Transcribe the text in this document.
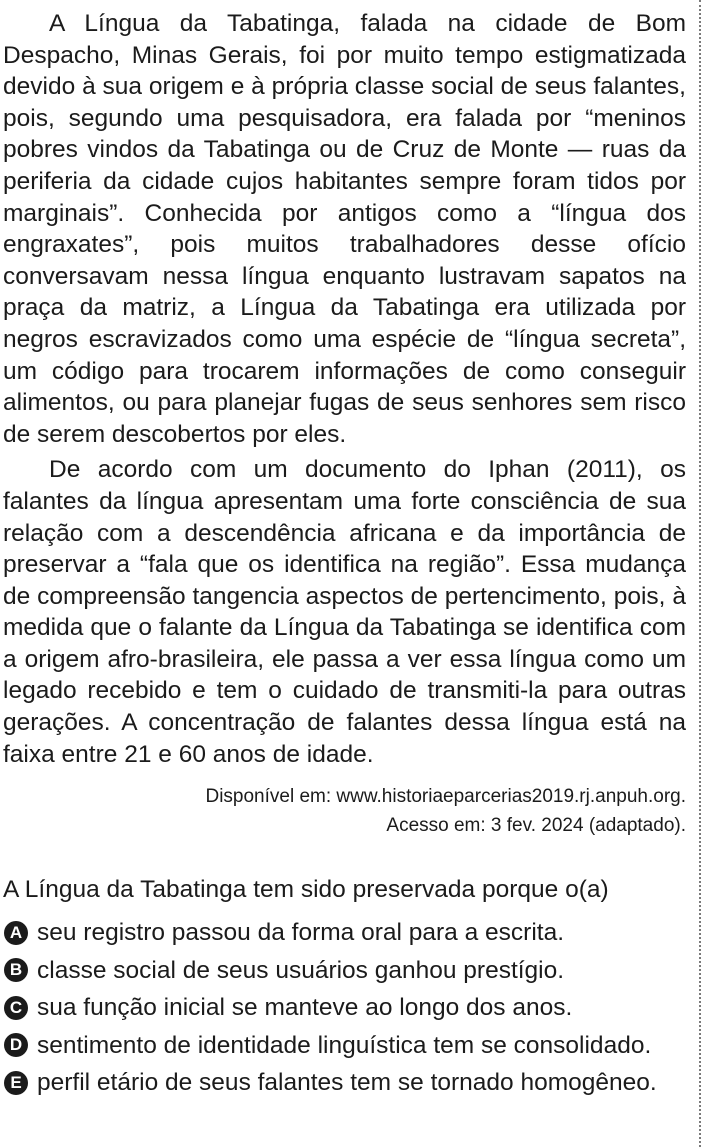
A Língua da Tabatinga, falada na cidade de Bom Despacho, Minas Gerais, foi por muito tempo estigmatizada devido à sua origem e à própria classe social de seus falantes, pois, segundo uma pesquisadora, era falada por “meninos pobres vindos da Tabatinga ou de Cruz de Monte — ruas da periferia da cidade cujos habitantes sempre foram tidos por marginais”. Conhecida por antigos como a “língua dos engraxates”, pois muitos trabalhadores desse ofício conversavam nessa língua enquanto lustravam sapatos na praça da matriz, a Língua da Tabatinga era utilizada por negros escravizados como uma espécie de “língua secreta”, um código para trocarem informações de como conseguir alimentos, ou para planejar fugas de seus senhores sem risco de serem descobertos por eles.

De acordo com um documento do Iphan (2011), os falantes da língua apresentam uma forte consciência de sua relação com a descendência africana e da importância de preservar a “fala que os identifica na região”. Essa mudança de compreensão tangencia aspectos de pertencimento, pois, à medida que o falante da Língua da Tabatinga se identifica com a origem afro-brasileira, ele passa a ver essa língua como um legado recebido e tem o cuidado de transmiti-la para outras gerações. A concentração de falantes dessa língua está na faixa entre 21 e 60 anos de idade.

Disponível em: www.historiaeparcerias2019.rj.anpuh.org.
Acesso em: 3 fev. 2024 (adaptado).
A Língua da Tabatinga tem sido preservada porque o(a)
A seu registro passou da forma oral para a escrita.
B classe social de seus usuários ganhou prestígio.
C sua função inicial se manteve ao longo dos anos.
D sentimento de identidade linguística tem se consolidado.
E perfil etário de seus falantes tem se tornado homogêneo.
